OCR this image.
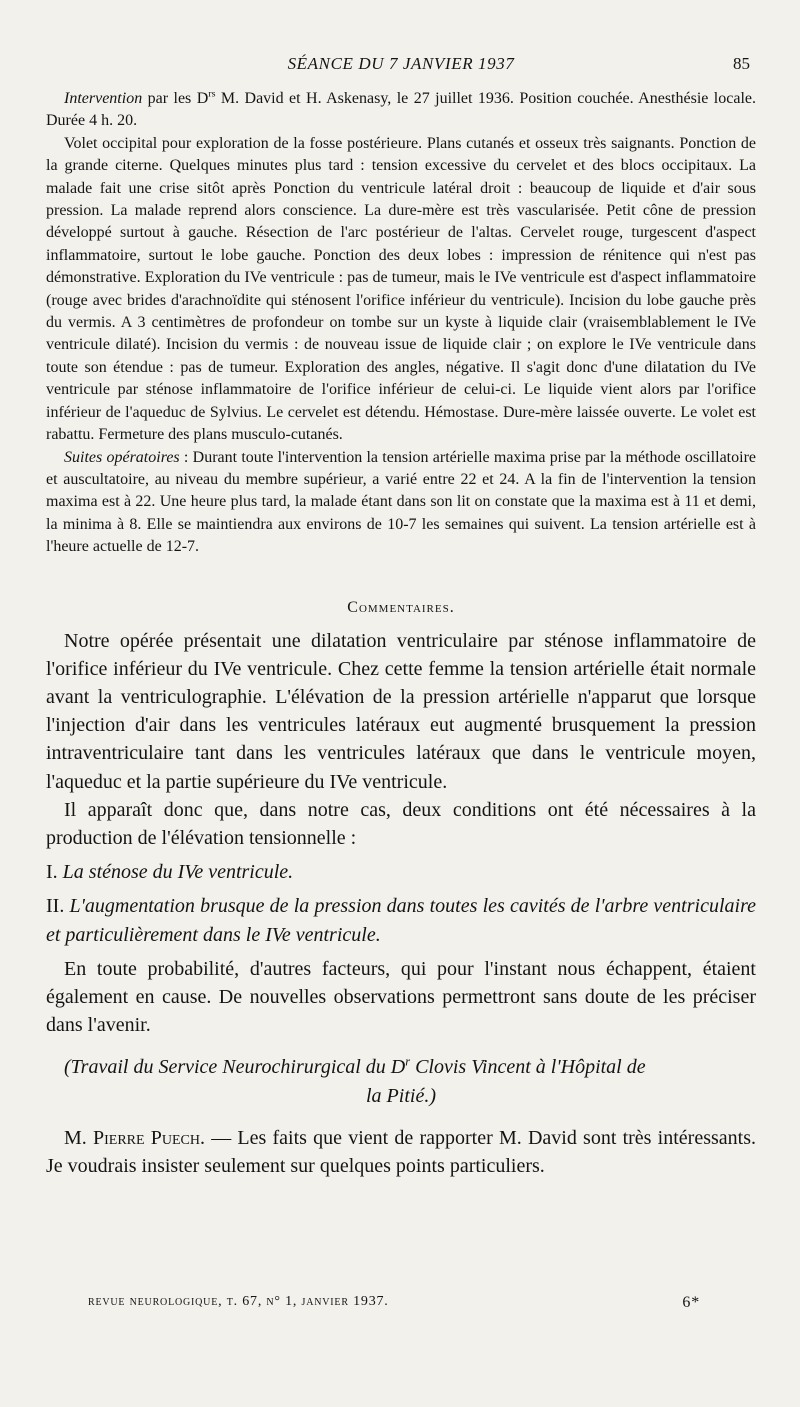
SÉANCE DU 7 JANVIER 1937	85

Intervention par les $D^{rs}$ M. David et H. Askenasy, le 27 juillet 1936. Position couchée. Anesthésie locale. Durée 4 h. 20.

Volet occipital pour exploration de la fosse postérieure. Plans cutanés et osseux très saignants. Ponction de la grande citerne. Quelques minutes plus tard : tension excessive du cervelet et des blocs occipitaux. La malade fait une crise sitôt après Ponction du ventricule latéral droit : beaucoup de liquide et d'air sous pression. La malade reprend alors conscience. La dure-mère est très vascularisée. Petit cône de pression développé surtout à gauche. Résection de l'arc postérieur de l'altas. Cervelet rouge, turgescent d'aspect inflammatoire, surtout le lobe gauche. Ponction des deux lobes : impression de rénitence qui n'est pas démonstrative. Exploration du IVe ventricule : pas de tumeur, mais le IVe ventricule est d'aspect inflammatoire (rouge avec brides d'arachnoïdite qui sténosent l'orifice inférieur du ventricule). Incision du lobe gauche près du vermis. A 3 centimètres de profondeur on tombe sur un kyste à liquide clair (vraisemblablement le IVe ventricule dilaté). Incision du vermis : de nouveau issue de liquide clair ; on explore le IVe ventricule dans toute son étendue : pas de tumeur. Exploration des angles, négative. Il s'agit donc d'une dilatation du IVe ventricule par sténose inflammatoire de l'orifice inférieur de celui-ci. Le liquide vient alors par l'orifice inférieur de l'aqueduc de Sylvius. Le cervelet est détendu. Hémostase. Dure-mère laissée ouverte. Le volet est rabattu. Fermeture des plans musculo-cutanés.

Suites opératoires : Durant toute l'intervention la tension artérielle maxima prise par la méthode oscillatoire et auscultatoire, au niveau du membre supérieur, a varié entre 22 et 24. A la fin de l'intervention la tension maxima est à 22. Une heure plus tard, la malade étant dans son lit on constate que la maxima est à 11 et demi, la minima à 8. Elle se maintiendra aux environs de 10-7 les semaines qui suivent. La tension artérielle est à l'heure actuelle de 12-7.

Commentaires.

Notre opérée présentait une dilatation ventriculaire par sténose inflammatoire de l'orifice inférieur du IVe ventricule. Chez cette femme la tension artérielle était normale avant la ventriculographie. L'élévation de la pression artérielle n'apparut que lorsque l'injection d'air dans les ventricules latéraux eut augmenté brusquement la pression intraventriculaire tant dans les ventricules latéraux que dans le ventricule moyen, l'aqueduc et la partie supérieure du IVe ventricule.

Il apparaît donc que, dans notre cas, deux conditions ont été nécessaires à la production de l'élévation tensionnelle :

I. La sténose du IVe ventricule.

II. L'augmentation brusque de la pression dans toutes les cavités de l'arbre ventriculaire et particulièrement dans le IVe ventricule.

En toute probabilité, d'autres facteurs, qui pour l'instant nous échappent, étaient également en cause. De nouvelles observations permettront sans doute de les préciser dans l'avenir.

(Travail du Service Neurochirurgical du $D^r$ Clovis Vincent à l'Hôpital de

la Pitié.)

M. Pierre Puech. — Les faits que vient de rapporter M. David sont très intéressants. Je voudrais insister seulement sur quelques points particuliers.

revue neurologique, t. 67, n° 1, janvier 1937.	6*
